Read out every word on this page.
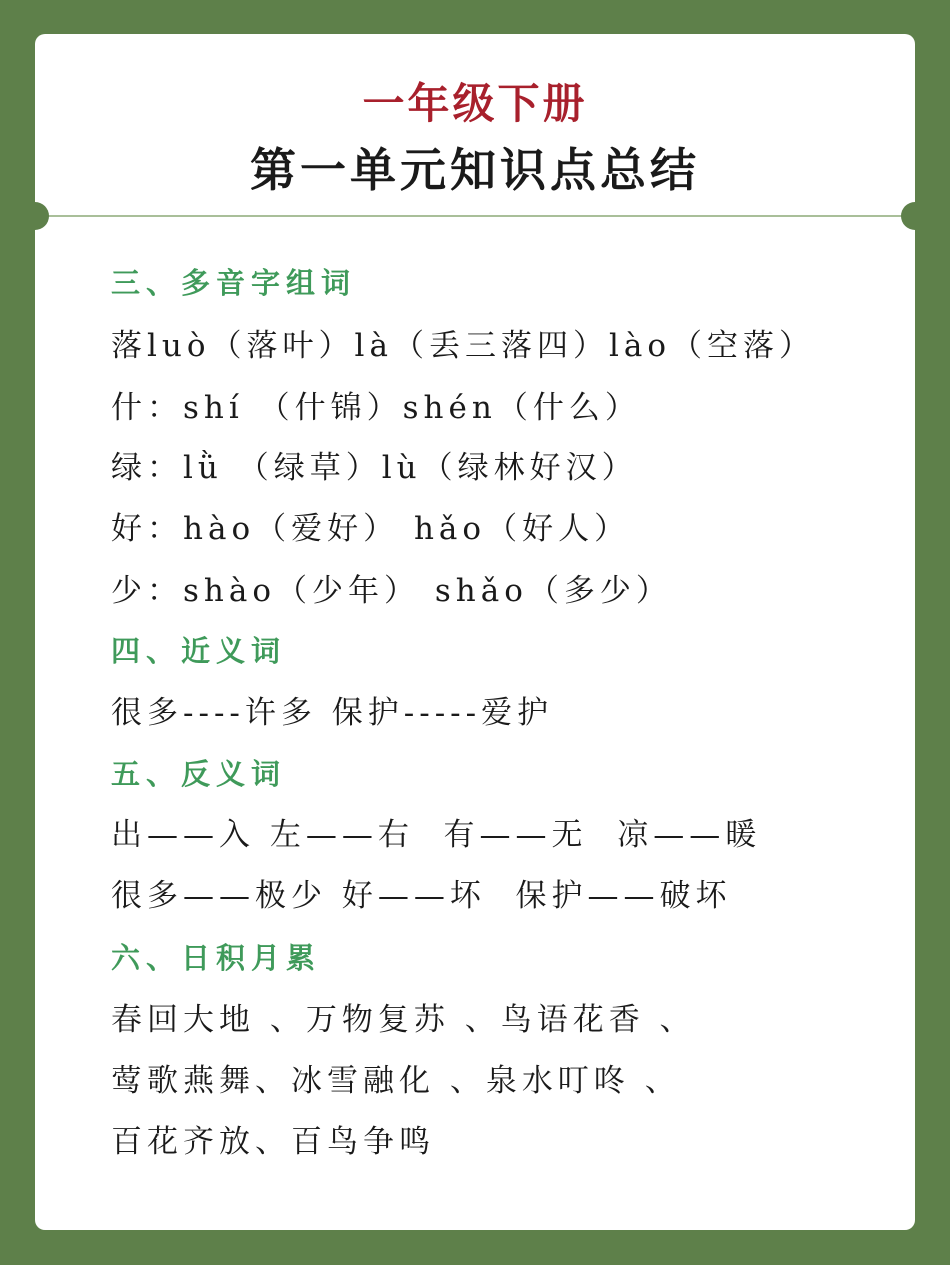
一年级下册
第一单元知识点总结
三、多音字组词
落luò（落叶）là（丢三落四）lào（空落）
什：shí （什锦）shén（什么）
绿：lǜ （绿草）lù（绿林好汉）
好：hào（爱好） hǎo（好人）
少：shào（少年） shǎo（多少）
四、近义词
很多----许多 保护-----爱护
五、反义词
出——入 左——右  有——无  凉——暖
很多——极少 好——坏  保护——破坏
六、日积月累
春回大地 、万物复苏 、鸟语花香 、
莺歌燕舞、冰雪融化 、泉水叮咚 、
百花齐放、百鸟争鸣
